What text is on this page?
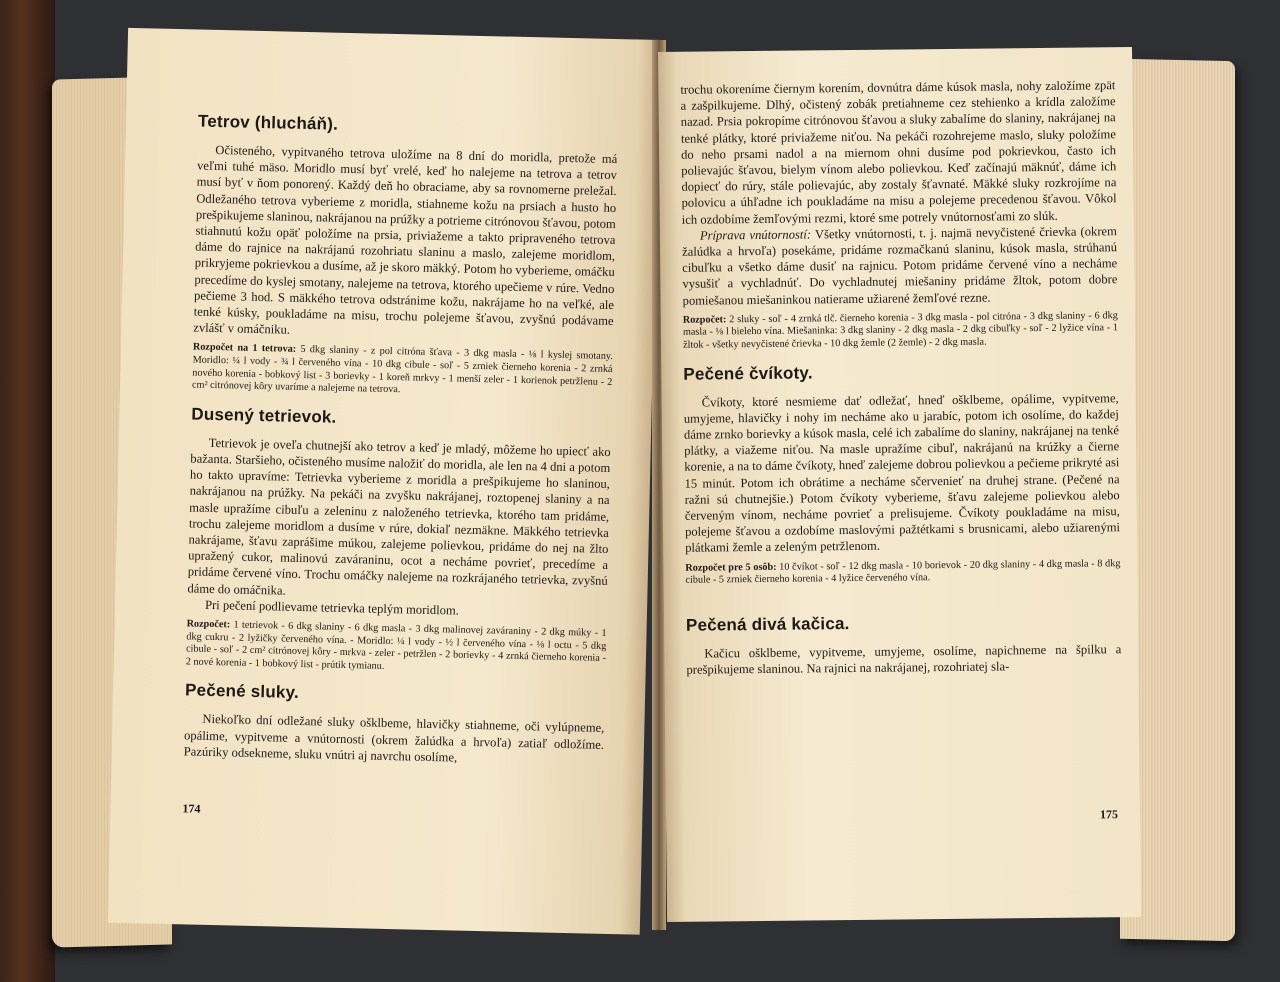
Tetrov (hlucháň).

Očisteného, vypitvaného tetrova uložíme na 8 dní do moridla, pretože má veľmi tuhé mäso. Moridlo musí byť vrelé, keď ho nalejeme na tetrova a tetrov musí byť v ňom ponorený. Každý deň ho obraciame, aby sa rovnomerne preležal. Odležaného tetrova vyberieme z moridla, stiahneme kožu na prsiach a husto ho prešpikujeme slaninou, nakrájanou na prúžky a potrieme citrónovou šťavou, potom stiahnutú kožu opäť položíme na prsia, priviažeme a takto pripraveného tetrova dáme do rajnice na nakrájanú rozohriatu slaninu a maslo, zalejeme moridlom, prikryjeme pokrievkou a dusíme, až je skoro mäkký. Potom ho vyberieme, omáčku precedíme do kyslej smotany, nalejeme na tetrova, ktorého upečieme v rúre. Vedno pečieme 3 hod. S mäkkého tetrova odstránime kožu, nakrájame ho na veľké, ale tenké kúsky, poukladáme na misu, trochu polejeme šťavou, zvyšnú podávame zvlášť v omáčniku.

Rozpočet na 1 tetrova: 5 dkg slaniny - z pol citróna šťava - 3 dkg masla - ⅛ l kyslej smotany. Moridlo: ¼ l vody - ¾ l červeného vína - 10 dkg cibule - soľ - 5 zrniek čierneho korenia - 2 zrnká nového korenia - bobkový list - 3 borievky - 1 koreň mrkvy - 1 menší zeler - 1 korienok petržlenu - 2 cm² citrónovej kôry uvaríme a nalejeme na tetrova.
Dusený tetrievok.

Tetrievok je oveľa chutnejší ako tetrov a keď je mladý, môžeme ho upiecť ako bažanta. Staršieho, očisteného musíme naložiť do moridla, ale len na 4 dni a potom ho takto upravíme: Tetrievka vyberieme z moridla a prešpikujeme ho slaninou, nakrájanou na prúžky. Na pekáči na zvyšku nakrájanej, roztopenej slaniny a na masle upražíme cibuľu a zeleninu z naloženého tetrievka, ktorého tam pridáme, trochu zalejeme moridlom a dusíme v rúre, dokiaľ nezmäkne. Mäkkého tetrievka nakrájame, šťavu zaprášime múkou, zalejeme polievkou, pridáme do nej na žlto upražený cukor, malinovú zaváraninu, ocot a necháme povrieť, precedíme a pridáme červené víno. Trochu omáčky nalejeme na rozkrájaného tetrievka, zvyšnú dáme do omáčnika.

Pri pečení podlievame tetrievka teplým moridlom.

Rozpočet: 1 tetrievok - 6 dkg slaniny - 6 dkg masla - 3 dkg malinovej zaváraniny - 2 dkg múky - 1 dkg cukru - 2 lyžičky červeného vína. - Moridlo: ¼ l vody - ½ l červeného vína - ⅛ l octu - 5 dkg cibule - soľ - 2 cm² citrónovej kôry - mrkva - zeler - petržlen - 2 borievky - 4 zrnká čierneho korenia - 2 nové korenia - 1 bobkový list - prútik tymianu.
Pečené sluky.

Niekoľko dní odležané sluky ošklbeme, hlavičky stiahneme, oči vylúpneme, opálime, vypitveme a vnútornosti (okrem žalúdka a hrvoľa) zatiaľ odložíme. Pazúriky odsekneme, sluku vnútri aj navrchu osolíme,

174

trochu okoreníme čiernym korením, dovnútra dáme kúsok masla, nohy založíme zpät a zašpilkujeme. Dlhý, očistený zobák pretiahneme cez stehienko a krídla založíme nazad. Prsia pokropíme citrónovou šťavou a sluky zabalíme do slaniny, nakrájanej na tenké plátky, ktoré priviažeme niťou. Na pekáči rozohrejeme maslo, sluky položíme do neho prsami nadol a na miernom ohni dusíme pod pokrievkou, často ich polievajúc šťavou, bielym vínom alebo polievkou. Keď začínajú mäknúť, dáme ich dopiecť do rúry, stále polievajúc, aby zostaly šťavnaté. Mäkké sluky rozkrojíme na polovicu a úhľadne ich poukladáme na misu a polejeme precedenou šťavou. Vôkol ich ozdobíme žemľovými rezmi, ktoré sme potrely vnútornosťami zo slúk.

Príprava vnútorností: Všetky vnútornosti, t. j. najmä nevyčistené črievka (okrem žalúdka a hrvoľa) posekáme, pridáme rozmačkanú slaninu, kúsok masla, strúhanú cibuľku a všetko dáme dusiť na rajnicu. Potom pridáme červené víno a necháme vysušiť a vychladnúť. Do vychladnutej miešaniny pridáme žltok, potom dobre pomiešanou miešaninkou natierame užiarené žemľové rezne.

Rozpočet: 2 sluky - soľ - 4 zrnká tlč. čierneho korenia - 3 dkg masla - pol citróna - 3 dkg slaniny - 6 dkg masla - ⅛ l bieleho vína. Miešaninka: 3 dkg slaniny - 2 dkg masla - 2 dkg cibuľky - soľ - 2 lyžice vína - 1 žltok - všetky nevyčistené črievka - 10 dkg žemle (2 žemle) - 2 dkg masla.
Pečené čvíkoty.

Čvíkoty, ktoré nesmieme dať odležať, hneď ošklbeme, opálime, vypitveme, umyjeme, hlavičky i nohy im necháme ako u jarabíc, potom ich osolíme, do každej dáme zrnko borievky a kúsok masla, celé ich zabalíme do slaniny, nakrájanej na tenké plátky, a viažeme niťou. Na masle upražíme cibuľ, nakrájanú na krúžky a čierne korenie, a na to dáme čvíkoty, hneď zalejeme dobrou polievkou a pečieme prikryté asi 15 minút. Potom ich obrátime a necháme sčervenieť na druhej strane. (Pečené na ražni sú chutnejšie.) Potom čvíkoty vyberieme, šťavu zalejeme polievkou alebo červeným vínom, necháme povrieť a prelisujeme. Čvíkoty poukladáme na misu, polejeme šťavou a ozdobíme maslovými pažtétkami s brusnicami, alebo užiarenými plátkami žemle a zeleným petržlenom.

Rozpočet pre 5 osôb: 10 čvíkot - soľ - 12 dkg masla - 10 borievok - 20 dkg slaniny - 4 dkg masla - 8 dkg cibule - 5 zrniek čierneho korenia - 4 lyžice červeného vína.
Pečená divá kačica.

Kačicu ošklbeme, vypitveme, umyjeme, osolíme, napichneme na špilku a prešpikujeme slaninou. Na rajnici na nakrájanej, rozohriatej sla-

175
